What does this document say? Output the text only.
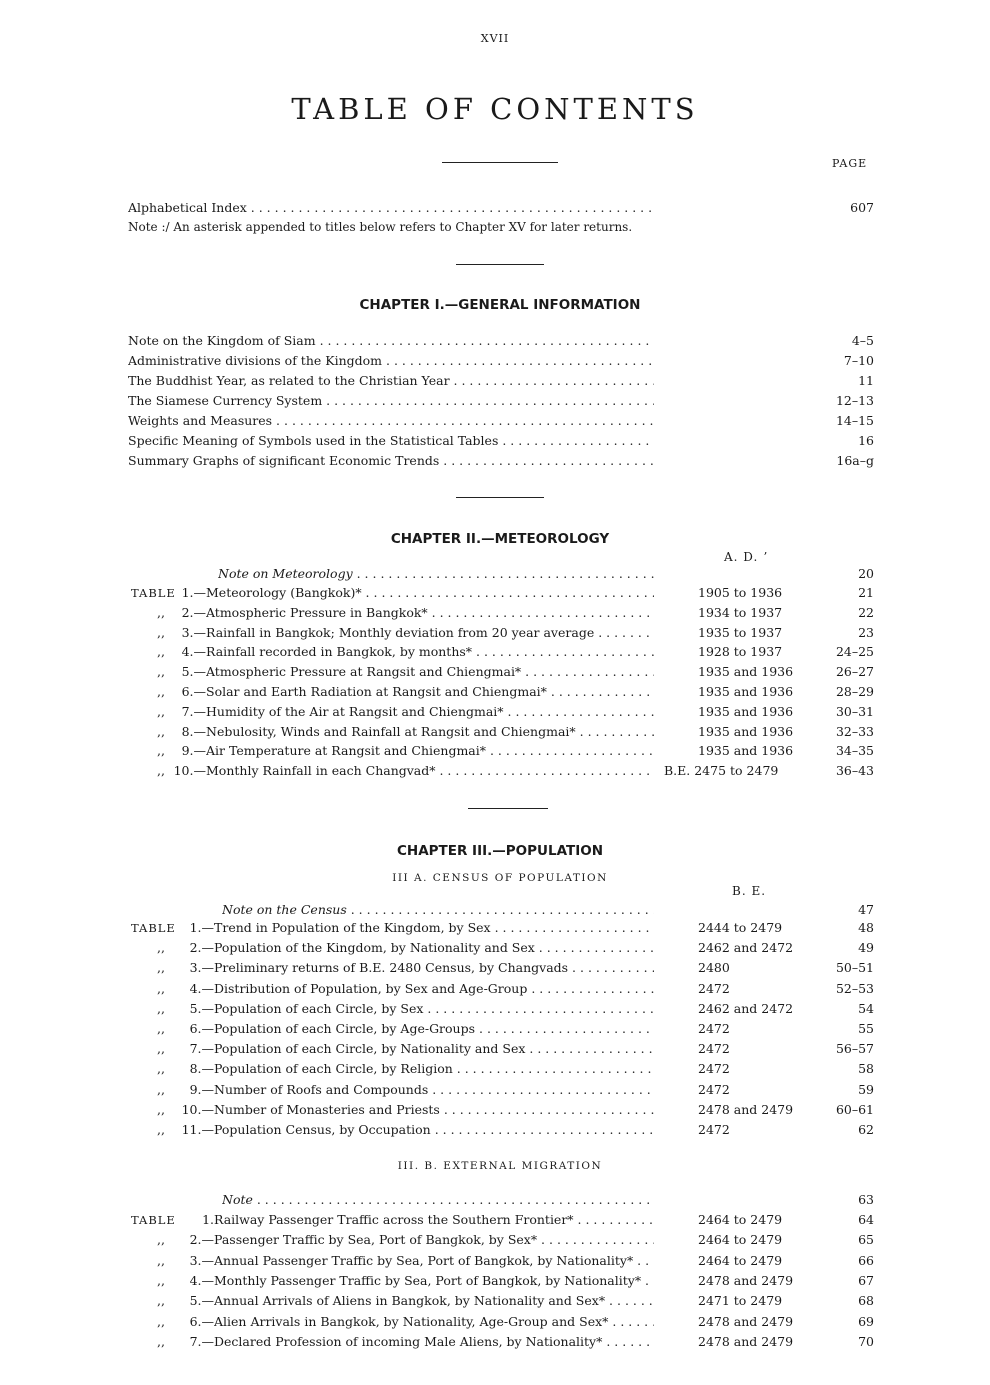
XVII
TABLE OF CONTENTS
PAGE
Alphabetical Index . . .	607
Note :/ An asterisk appended to titles below refers to Chapter XV for later returns.
CHAPTER I.—GENERAL INFORMATION
Note on the Kingdom of Siam . . .	4–5
Administrative divisions of the Kingdom . . .	7–10
The Buddhist Year, as related to the Christian Year . . .	11
The Siamese Currency System . . .	12–13
Weights and Measures . . .	14–15
Specific Meaning of Symbols used in the Statistical Tables . . .	16
Summary Graphs of significant Economic Trends . . .	16a–g
CHAPTER II.—METEOROLOGY
A. D. ʼ
Note on Meteorology . . .	20
TABLE 1.— Meteorology (Bangkok)* . . .	1905 to 1936	21
,,	2.— Atmospheric Pressure in Bangkok* . . .	1934 to 1937	22
,,	3.— Rainfall in Bangkok; Monthly deviation from 20 year average . . .	1935 to 1937	23
,,	4.— Rainfall recorded in Bangkok, by months* . . .	1928 to 1937	24–25
,,	5.— Atmospheric Pressure at Rangsit and Chiengmai* . . .	1935 and 1936	26–27
,,	6.— Solar and Earth Radiation at Rangsit and Chiengmai* . . .	1935 and 1936	28–29
,,	7.— Humidity of the Air at Rangsit and Chiengmai* . . .	1935 and 1936	30–31
,,	8.— Nebulosity, Winds and Rainfall at Rangsit and Chiengmai* . . .	1935 and 1936	32–33
,,	9.— Air Temperature at Rangsit and Chiengmai* . . .	1935 and 1936	34–35
,, 10.— Monthly Rainfall in each Changvad* . . .	B.E. 2475 to 2479	36–43
CHAPTER III.—POPULATION
III A. CENSUS OF POPULATION
B. E.
Note on the Census . . .	47
TABLE	1.— Trend in Population of the Kingdom, by Sex . . .	2444 to 2479	48
,,	2.— Population of the Kingdom, by Nationality and Sex . . .	2462 and 2472	49
,,	3.— Preliminary returns of B.E. 2480 Census, by Changvads . . .	2480	50–51
,,	4.— Distribution of Population, by Sex and Age-Group . . .	2472	52–53
,,	5.— Population of each Circle, by Sex . . .	2462 and 2472	54
,,	6.— Population of each Circle, by Age-Groups . . .	2472	55
,,	7.— Population of each Circle, by Nationality and Sex . . .	2472	56–57
,,	8.— Population of each Circle, by Religion . . .	2472	58
,,	9.— Number of Roofs and Compounds . . .	2472	59
,,	10.— Number of Monasteries and Priests . . .	2478 and 2479	60–61
,,	11.— Population Census, by Occupation . . .	2472	62
III. B. EXTERNAL MIGRATION
Note . . .	63
TABLE	1. Railway Passenger Traffic across the Southern Frontier* . . .	2464 to 2479	64
,,	2.— Passenger Traffic by Sea, Port of Bangkok, by Sex* . . .	2464 to 2479	65
,,	3.— Annual Passenger Traffic by Sea, Port of Bangkok, by Nationality* . . .	2464 to 2479	66
,,	4.— Monthly Passenger Traffic by Sea, Port of Bangkok, by Nationality* . . .	2478 and 2479	67
,,	5.— Annual Arrivals of Aliens in Bangkok, by Nationality and Sex* . . .	2471 to 2479	68
,,	6.— Alien Arrivals in Bangkok, by Nationality, Age-Group and Sex* . . .	2478 and 2479	69
,,	7.— Declared Profession of incoming Male Aliens, by Nationality* . . .	2478 and 2479	70
